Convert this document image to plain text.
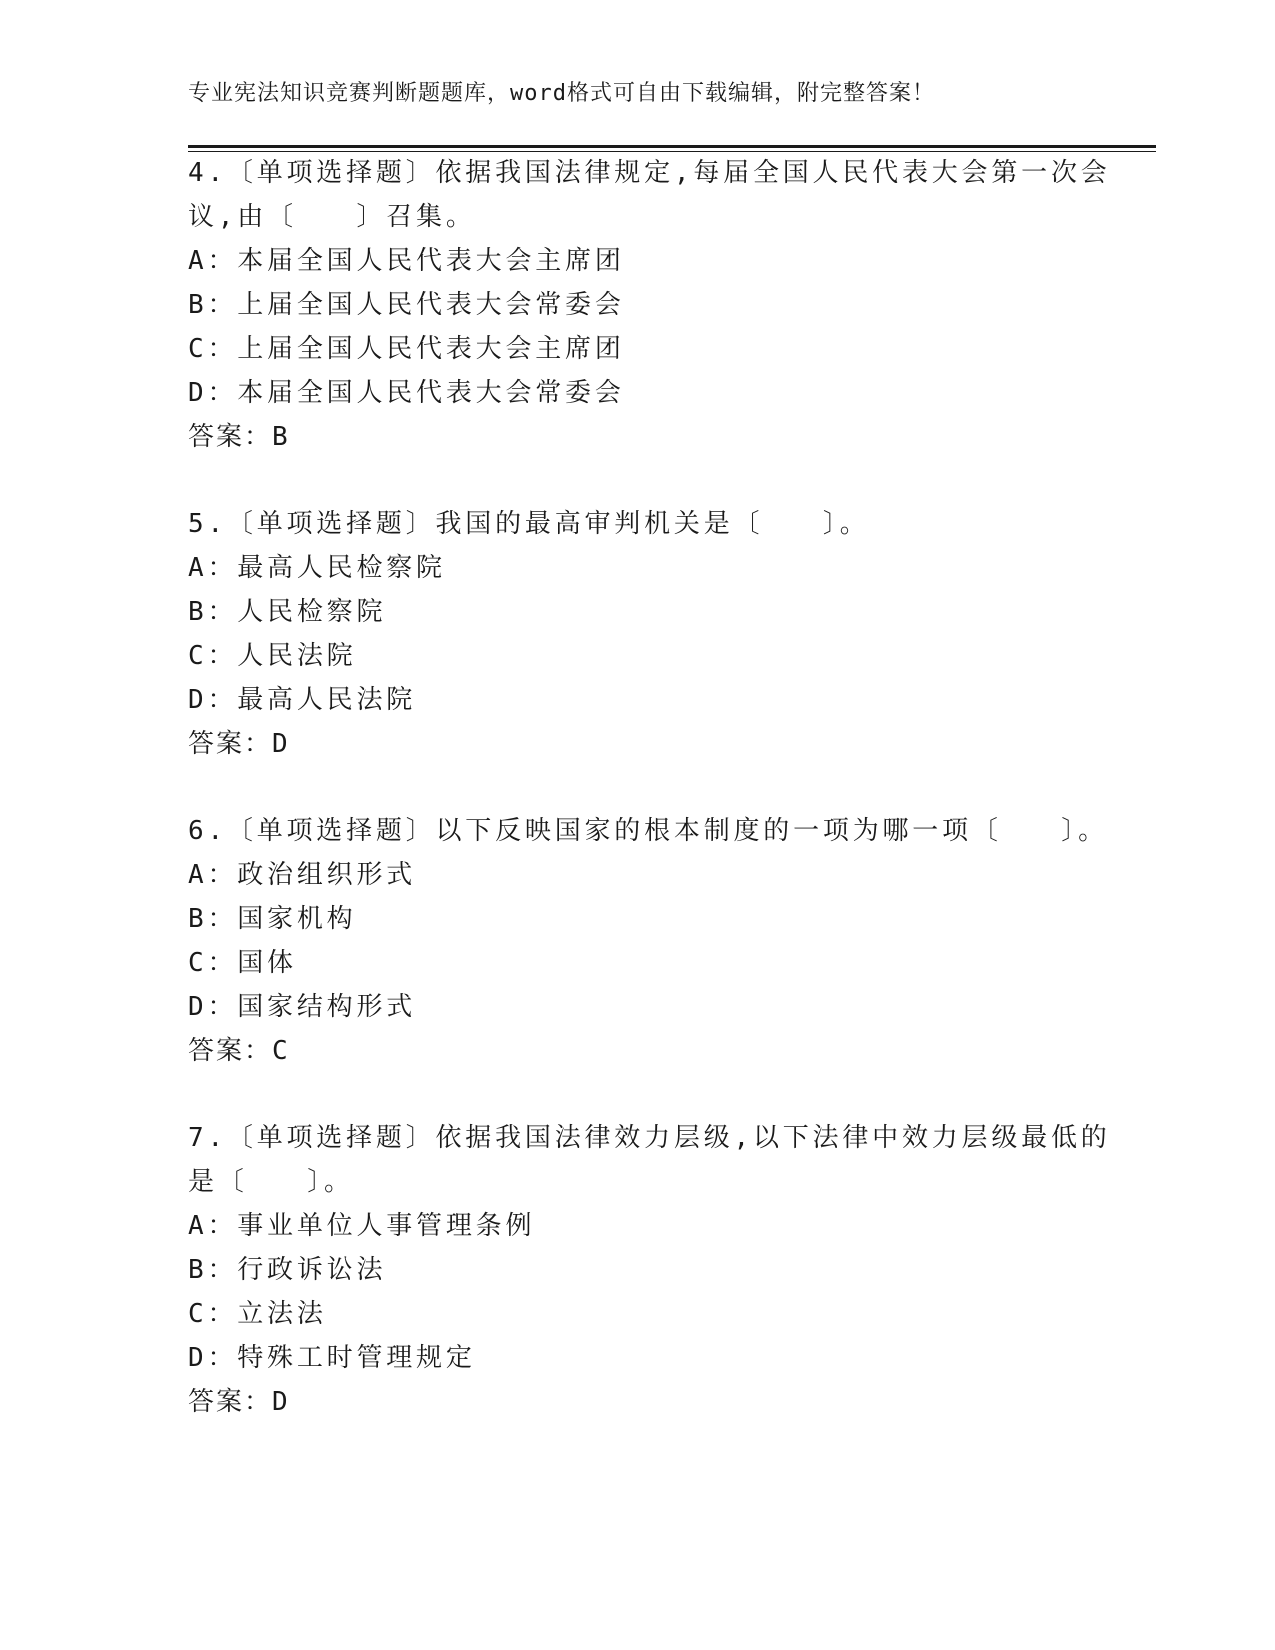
专业宪法知识竞赛判断题题库，word格式可自由下载编辑，附完整答案！
4.〔单项选择题〕依据我国法律规定,每届全国人民代表大会第一次会
议,由〔　　〕召集。
A：本届全国人民代表大会主席团
B：上届全国人民代表大会常委会
C：上届全国人民代表大会主席团
D：本届全国人民代表大会常委会
答案：B
5.〔单项选择题〕我国的最高审判机关是〔　　〕。
A：最高人民检察院
B：人民检察院
C：人民法院
D：最高人民法院
答案：D
6.〔单项选择题〕以下反映国家的根本制度的一项为哪一项〔　　〕。
A：政治组织形式
B：国家机构
C：国体
D：国家结构形式
答案：C
7.〔单项选择题〕依据我国法律效力层级,以下法律中效力层级最低的
是〔　　〕。
A：事业单位人事管理条例
B：行政诉讼法
C：立法法
D：特殊工时管理规定
答案：D
